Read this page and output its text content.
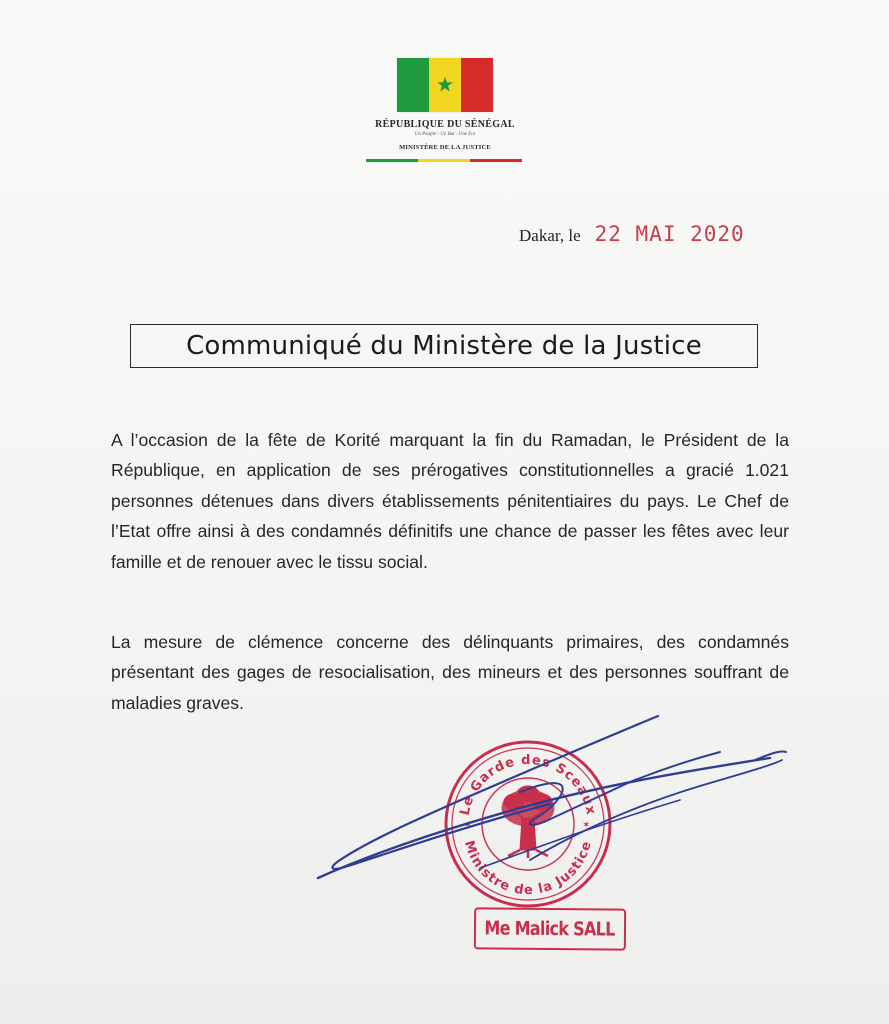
RÉPUBLIQUE DU SÉNÉGAL
Un Peuple - Un But - Une Foi
MINISTÈRE DE LA JUSTICE
Dakar, le 22 MAI 2020
Communiqué du Ministère de la Justice

A l’occasion de la fête de Korité marquant la fin du Ramadan, le Président de la République, en application de ses prérogatives constitutionnelles a gracié 1.021 personnes détenues dans divers établissements pénitentiaires du pays. Le Chef de l’Etat offre ainsi à des condamnés définitifs une chance de passer les fêtes avec leur famille et de renouer avec le tissu social.

La mesure de clémence concerne des délinquants primaires, des condamnés présentant des gages de resocialisation, des mineurs et des personnes souffrant de maladies graves.

Le Garde des Sceaux
Ministre de la Justice
✶	✶
Me Malick SALL
